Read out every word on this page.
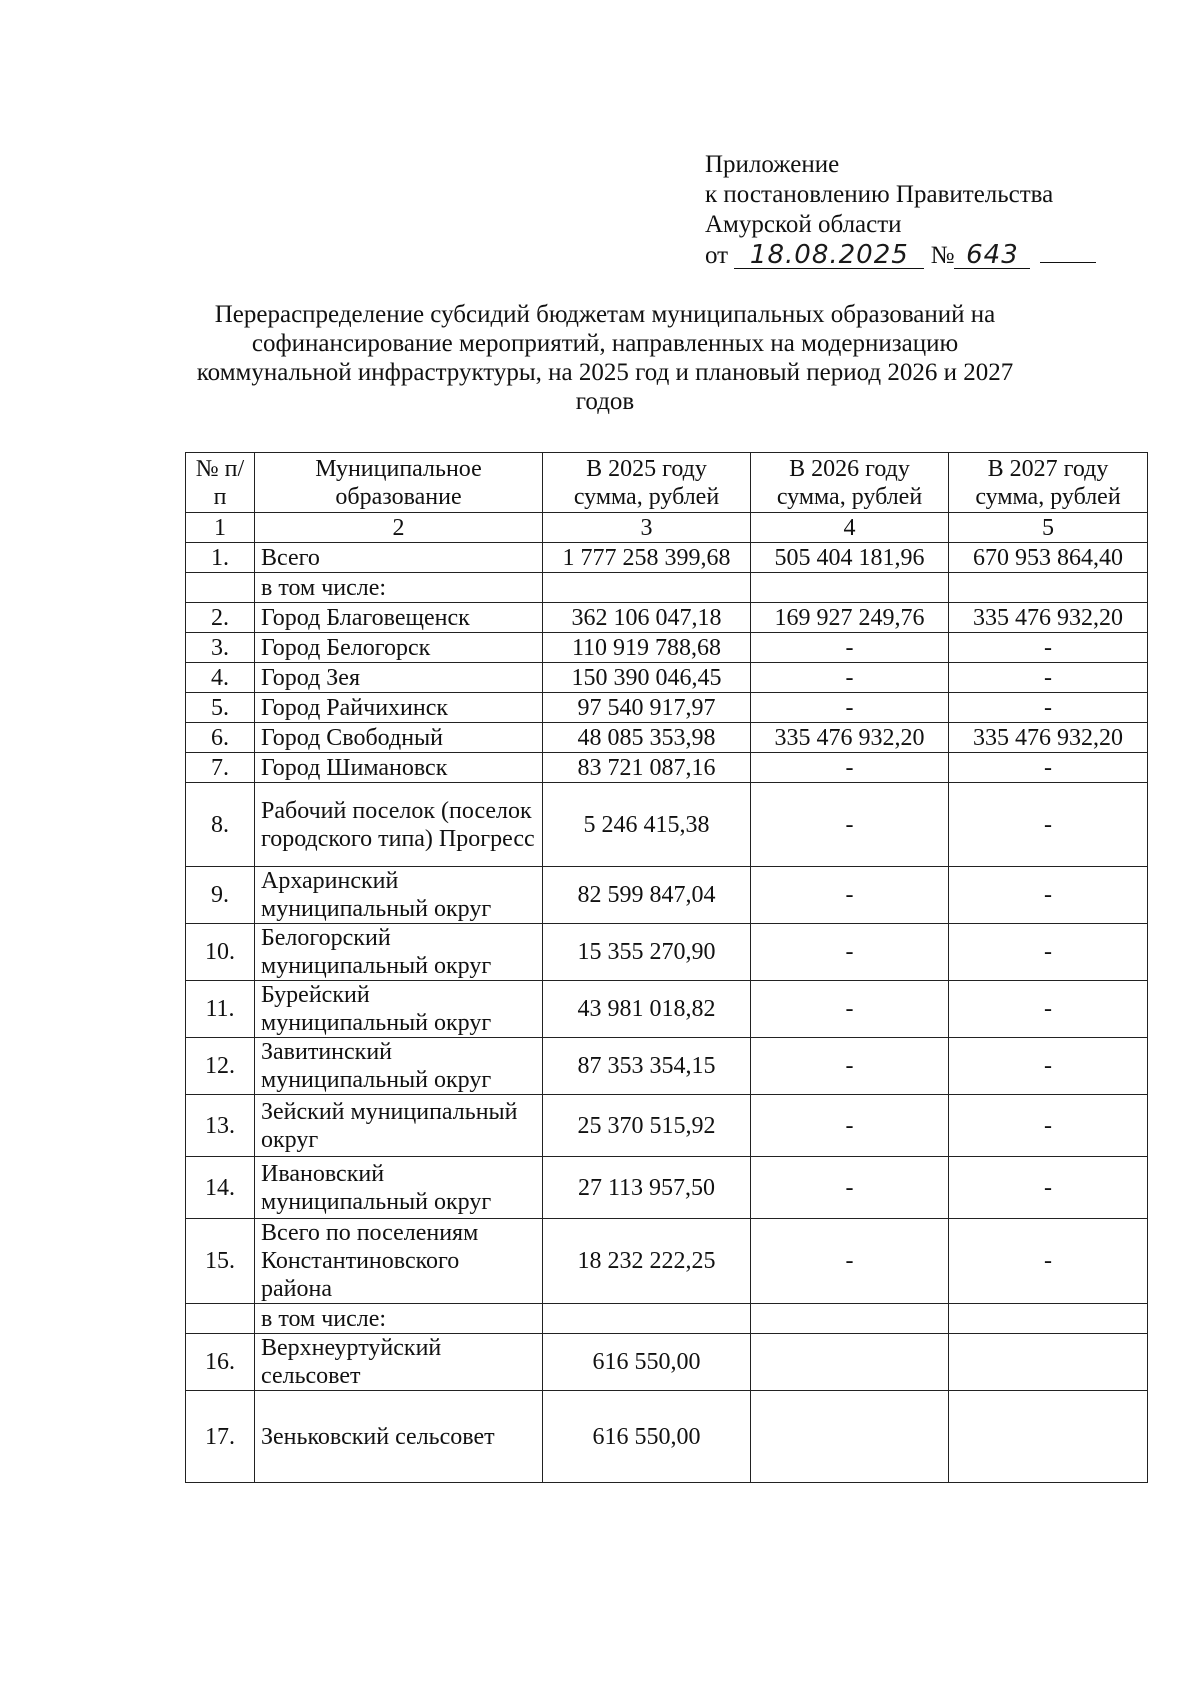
Приложение
к постановлению Правительства
Амурской области
от 18.08.2025 № 643
Перераспределение субсидий бюджетам муниципальных образований на софинансирование мероприятий, направленных на модернизацию коммунальной инфраструктуры, на 2025 год и плановый период 2026 и 2027 годов
№ п/п	Муниципальное образование	В 2025 году сумма, рублей	В 2026 году сумма, рублей	В 2027 году сумма, рублей
1	2	3	4	5
1.	Всего	1 777 258 399,68	505 404 181,96	670 953 864,40
	в том числе:			
2.	Город Благовещенск	362 106 047,18	169 927 249,76	335 476 932,20
3.	Город Белогорск	110 919 788,68	-	-
4.	Город Зея	150 390 046,45	-	-
5.	Город Райчихинск	97 540 917,97	-	-
6.	Город Свободный	48 085 353,98	335 476 932,20	335 476 932,20
7.	Город Шимановск	83 721 087,16	-	-
8.	Рабочий поселок (поселок городского типа) Прогресс	5 246 415,38	-	-
9.	Архаринский муниципальный округ	82 599 847,04	-	-
10.	Белогорский муниципальный округ	15 355 270,90	-	-
11.	Бурейский муниципальный округ	43 981 018,82	-	-
12.	Завитинский муниципальный округ	87 353 354,15	-	-
13.	Зейский муниципальный округ	25 370 515,92	-	-
14.	Ивановский муниципальный округ	27 113 957,50	-	-
15.	Всего по поселениям Константиновского района	18 232 222,25	-	-
	в том числе:			
16.	Верхнеуртуйский сельсовет	616 550,00		
17.	Зеньковский сельсовет	616 550,00		
